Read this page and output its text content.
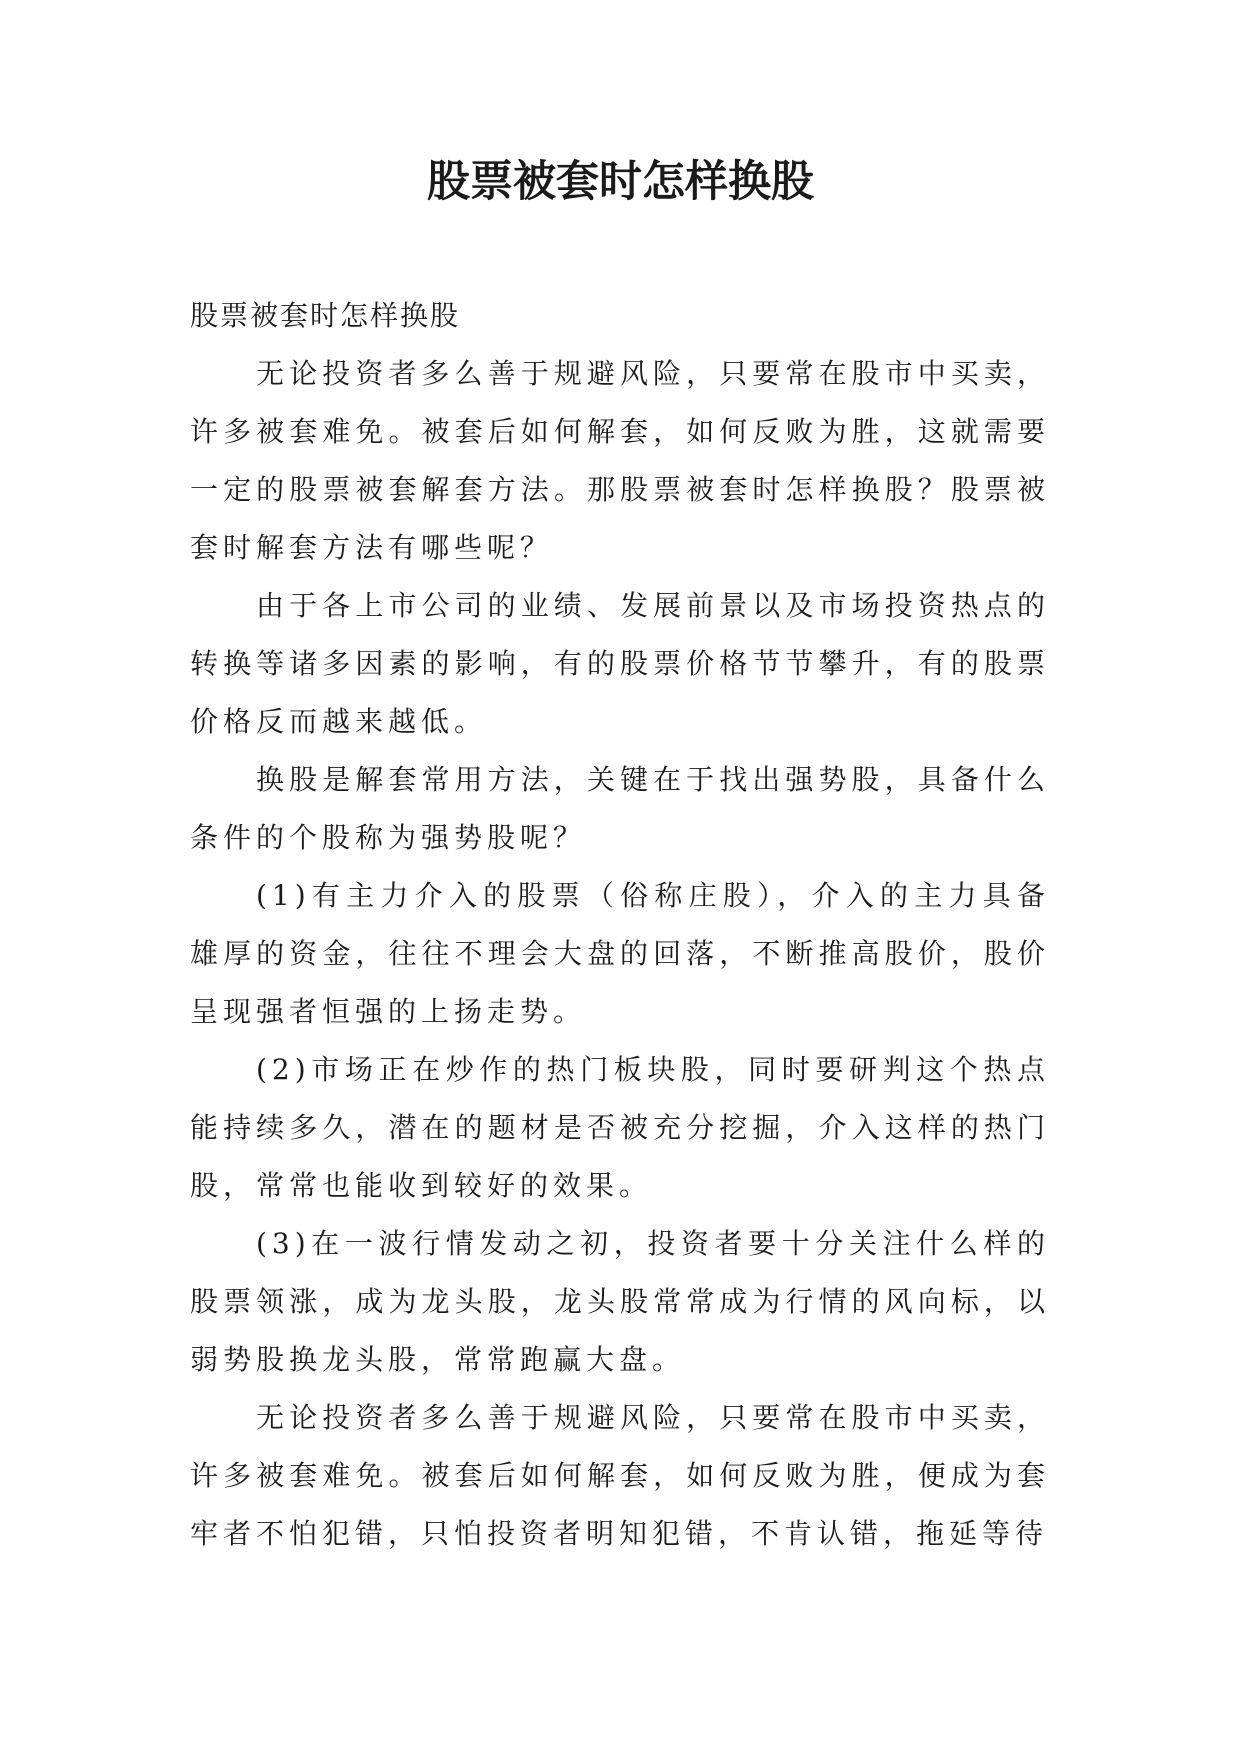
股票被套时怎样换股

股票被套时怎样换股

无论投资者多么善于规避风险，只要常在股市中买卖，许多被套难免。被套后如何解套，如何反败为胜，这就需要一定的股票被套解套方法。那股票被套时怎样换股？股票被套时解套方法有哪些呢？

由于各上市公司的业绩、发展前景以及市场投资热点的转换等诸多因素的影响，有的股票价格节节攀升，有的股票价格反而越来越低。

换股是解套常用方法，关键在于找出强势股，具备什么条件的个股称为强势股呢？

(1)有主力介入的股票（俗称庄股），介入的主力具备雄厚的资金，往往不理会大盘的回落，不断推高股价，股价呈现强者恒强的上扬走势。

(2)市场正在炒作的热门板块股，同时要研判这个热点能持续多久，潜在的题材是否被充分挖掘，介入这样的热门股，常常也能收到较好的效果。

(3)在一波行情发动之初，投资者要十分关注什么样的股票领涨，成为龙头股，龙头股常常成为行情的风向标，以弱势股换龙头股，常常跑赢大盘。

无论投资者多么善于规避风险，只要常在股市中买卖，许多被套难免。被套后如何解套，如何反败为胜，便成为套牢者不怕犯错，只怕投资者明知犯错，不肯认错，拖延等待
